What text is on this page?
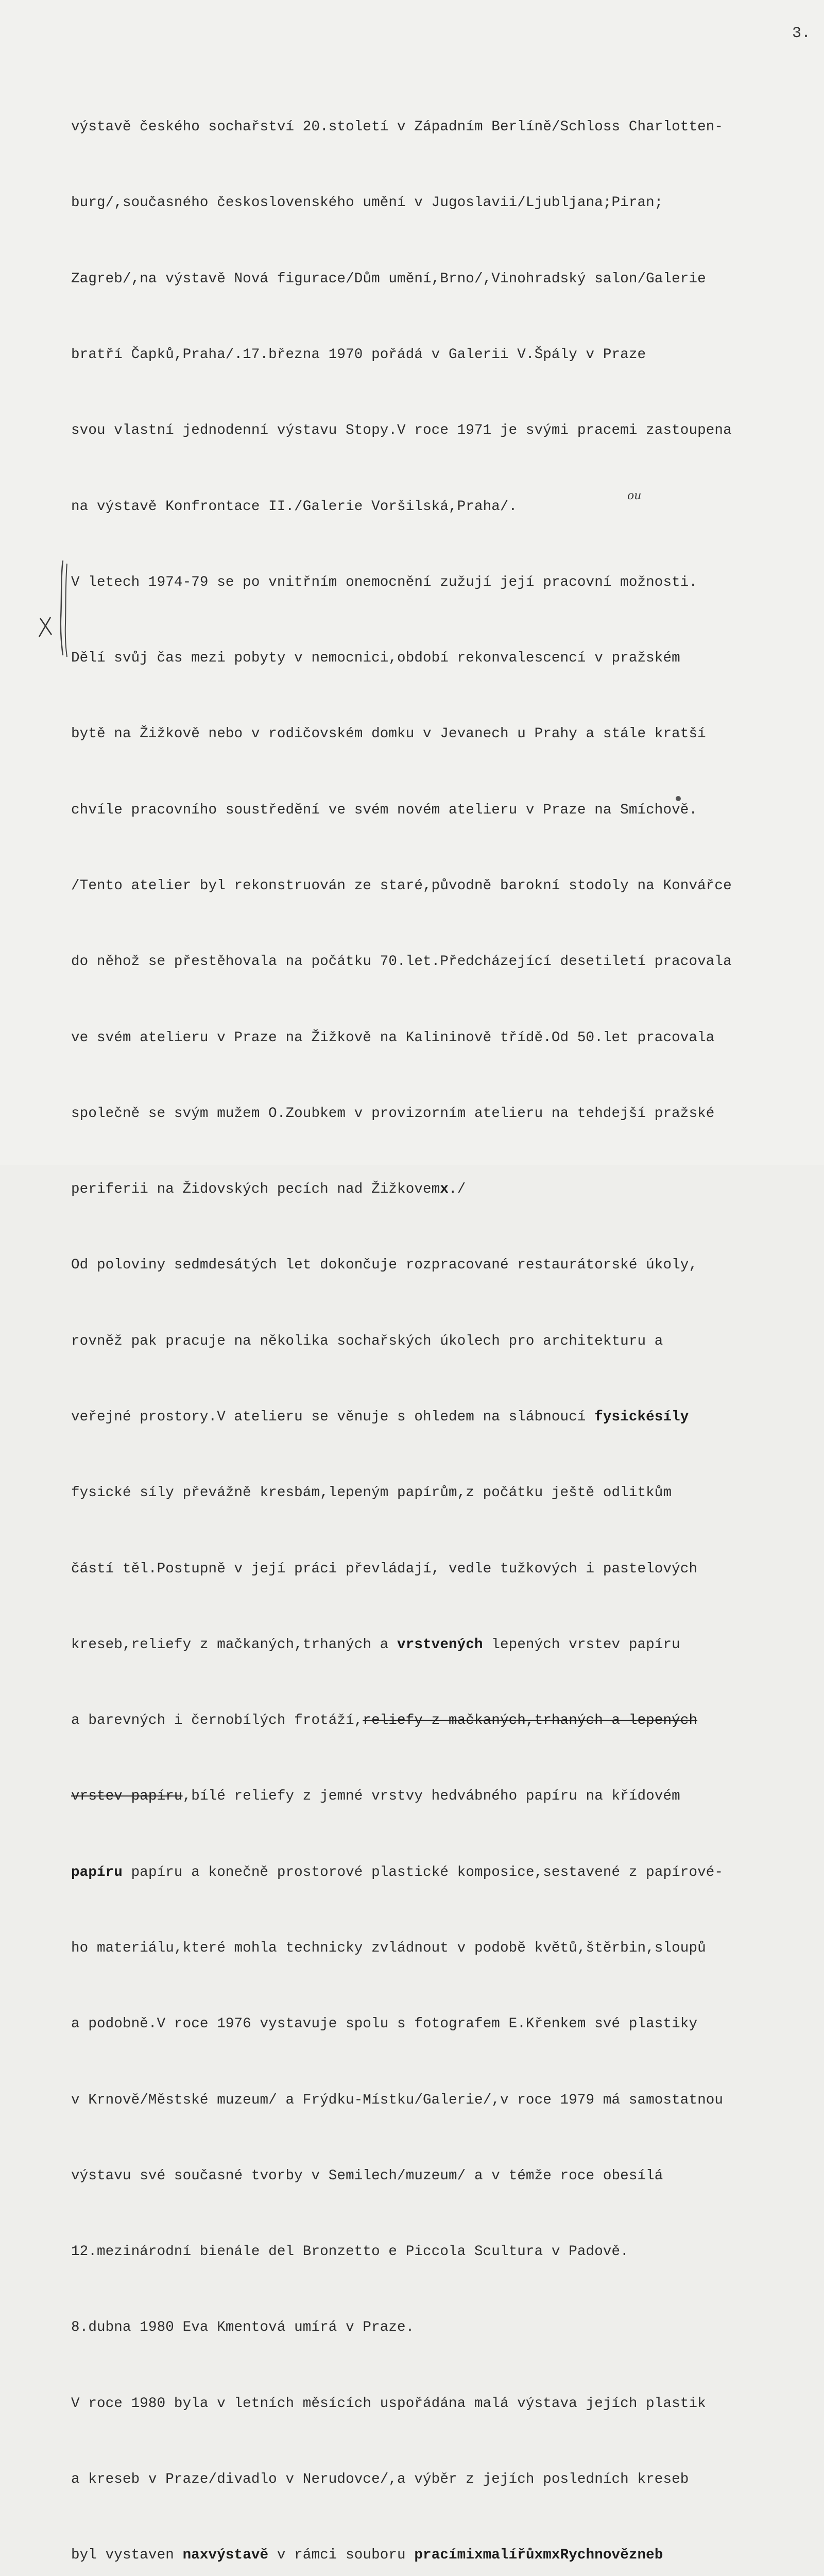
3.

výstavě českého sochařství 20.století v Západním Berlíně/Schloss Charlotten-

burg/,současného československého umění v Jugoslavii/Ljubljana;Piran;

Zagreb/,na výstavě Nová figurace/Dům umění,Brno/,Vinohradský salon/Galerie

bratří Čapků,Praha/.17.března 1970 pořádá v Galerii V.Špály v Praze

svou vlastní jednodenní výstavu Stopy.V roce 1971 je svými pracemi zastoupena

na výstavě Konfrontace II./Galerie Voršilská,Praha/.

V letech 1974-79 se po vnitřním onemocnění zužují její pracovní možnosti.

Dělí svůj čas mezi pobyty v nemocnici,období rekonvalescencí v pražském

bytě na Žižkově nebo v rodičovském domku v Jevanech u Prahy a stále kratší

chvíle pracovního soustředění ve svém novém atelieru v Praze na Smíchově.

/Tento atelier byl rekonstruován ze staré,původně barokní stodoly na Konvářce

do něhož se přestěhovala na počátku 70.let.Předcházející desetiletí pracovala

ve svém atelieru v Praze na Žižkově na Kalininově třídě.Od 50.let pracovala

společně se svým mužem O.Zoubkem v provizorním atelieru na tehdejší pražské

periferii na Židovských pecích nad Žižkovemx./

Od poloviny sedmdesátých let dokončuje rozpracované restaurátorské úkoly,

rovněž pak pracuje na několika sochařských úkolech pro architekturu a

veřejné prostory.V atelieru se věnuje s ohledem na slábnoucí fysickésíly

fysické síly převážně kresbám,lepeným papírům,z počátku ještě odlitkům

částí těl.Postupně v její práci převládají, vedle tužkových i pastelových

kreseb,reliefy z mačkaných,trhaných a vrstvených lepených vrstev papíru

a barevných i černobílých frotáží,reliefy z mačkaných,trhaných a lepených

vrstev papíru,bílé reliefy z jemné vrstvy hedvábného papíru na křídovém

papíru papíru a konečně prostorové plastické komposice,sestavené z papírové-

ho materiálu,které mohla technicky zvládnout v podobě květů,štěrbin,sloupů

a podobně.V roce 1976 vystavuje spolu s fotografem E.Křenkem své plastiky

v Krnově/Městské muzeum/ a Frýdku-Místku/Galerie/,v roce 1979 má samostatnou

výstavu své současné tvorby v Semilech/muzeum/ a v témže roce obesílá

12.mezinárodní bienále del Bronzetto e Piccola Scultura v Padově.

8.dubna 1980 Eva Kmentová umírá v Praze.

V roce 1980 byla v letních měsících uspořádána malá výstava jejích plastik

a kreseb v Praze/divadlo v Nerudovce/,a výběr z jejích posledních kreseb

byl vystaven naxvýstavě v rámci souboru pracímixmalířůxmxRychnovězneb

ou
